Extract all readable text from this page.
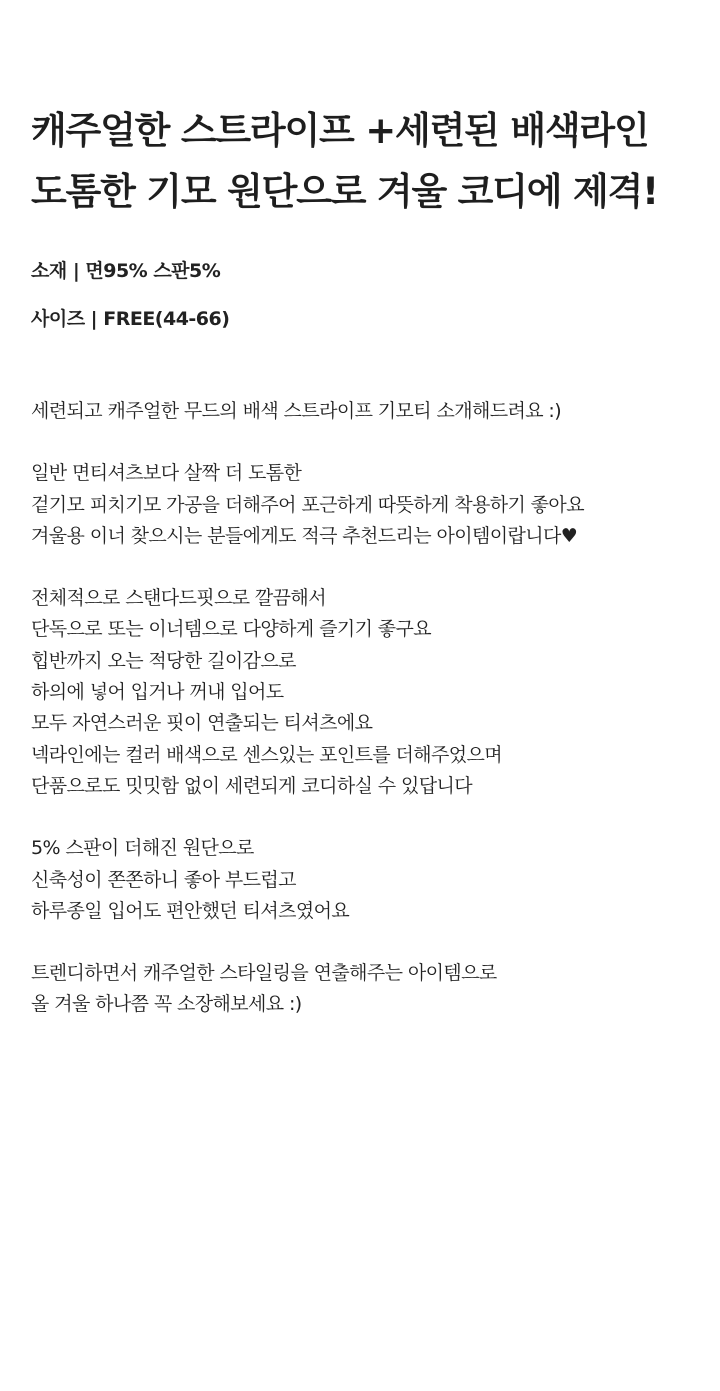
캐주얼한 스트라이프 +세련된 배색라인
도톰한 기모 원단으로 겨울 코디에 제격!
소재 | 면95% 스판5%
사이즈 | FREE(44-66)

세련되고 캐주얼한 무드의 배색 스트라이프 기모티 소개해드려요 :)

일반 면티셔츠보다 살짝 더 도톰한
겉기모 피치기모 가공을 더해주어 포근하게 따뜻하게 착용하기 좋아요
겨울용 이너 찾으시는 분들에게도 적극 추천드리는 아이템이랍니다♥

전체적으로 스탠다드핏으로 깔끔해서
단독으로 또는 이너템으로 다양하게 즐기기 좋구요
힙반까지 오는 적당한 길이감으로
하의에 넣어 입거나 꺼내 입어도
모두 자연스러운 핏이 연출되는 티셔츠에요
넥라인에는 컬러 배색으로 센스있는 포인트를 더해주었으며
단품으로도 밋밋함 없이 세련되게 코디하실 수 있답니다

5% 스판이 더해진 원단으로
신축성이 쫀쫀하니 좋아 부드럽고
하루종일 입어도 편안했던 티셔츠였어요

트렌디하면서 캐주얼한 스타일링을 연출해주는 아이템으로
올 겨울 하나쯤 꼭 소장해보세요 :)
